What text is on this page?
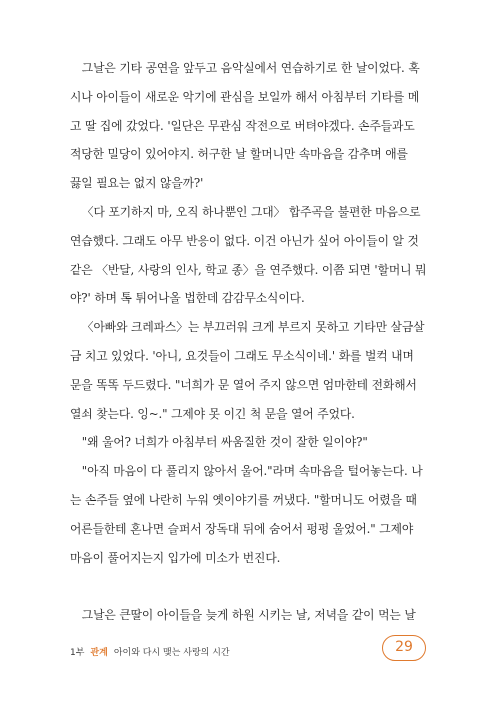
그날은 기타 공연을 앞두고 음악실에서 연습하기로 한 날이었다. 혹
시나 아이들이 새로운 악기에 관심을 보일까 해서 아침부터 기타를 메
고 딸 집에 갔었다. '일단은 무관심 작전으로 버텨야겠다. 손주들과도
적당한 밀당이 있어야지. 허구한 날 할머니만 속마음을 감추며 애를
끓일 필요는 없지 않을까?'
〈다 포기하지 마, 오직 하나뿐인 그대〉 합주곡을 불편한 마음으로
연습했다. 그래도 아무 반응이 없다. 이건 아닌가 싶어 아이들이 알 것
같은 〈반달, 사랑의 인사, 학교 종〉을 연주했다. 이쯤 되면 '할머니 뭐
야?' 하며 톡 튀어나올 법한데 감감무소식이다.
〈아빠와 크레파스〉는 부끄러워 크게 부르지 못하고 기타만 살금살
금 치고 있었다. '아니, 요것들이 그래도 무소식이네.' 화를 벌컥 내며
문을 똑똑 두드렸다. "너희가 문 열어 주지 않으면 엄마한테 전화해서
열쇠 찾는다. 잉~." 그제야 못 이긴 척 문을 열어 주었다.
"왜 울어? 너희가 아침부터 싸움질한 것이 잘한 일이야?"
"아직 마음이 다 풀리지 않아서 울어."라며 속마음을 털어놓는다. 나
는 손주들 옆에 나란히 누워 옛이야기를 꺼냈다. "할머니도 어렸을 때
어른들한테 혼나면 슬퍼서 장독대 뒤에 숨어서 펑펑 울었어." 그제야
마음이 풀어지는지 입가에 미소가 번진다.
그날은 큰딸이 아이들을 늦게 하원 시키는 날, 저녁을 같이 먹는 날
1부 관계 아이와 다시 맺는 사랑의 시간	29
